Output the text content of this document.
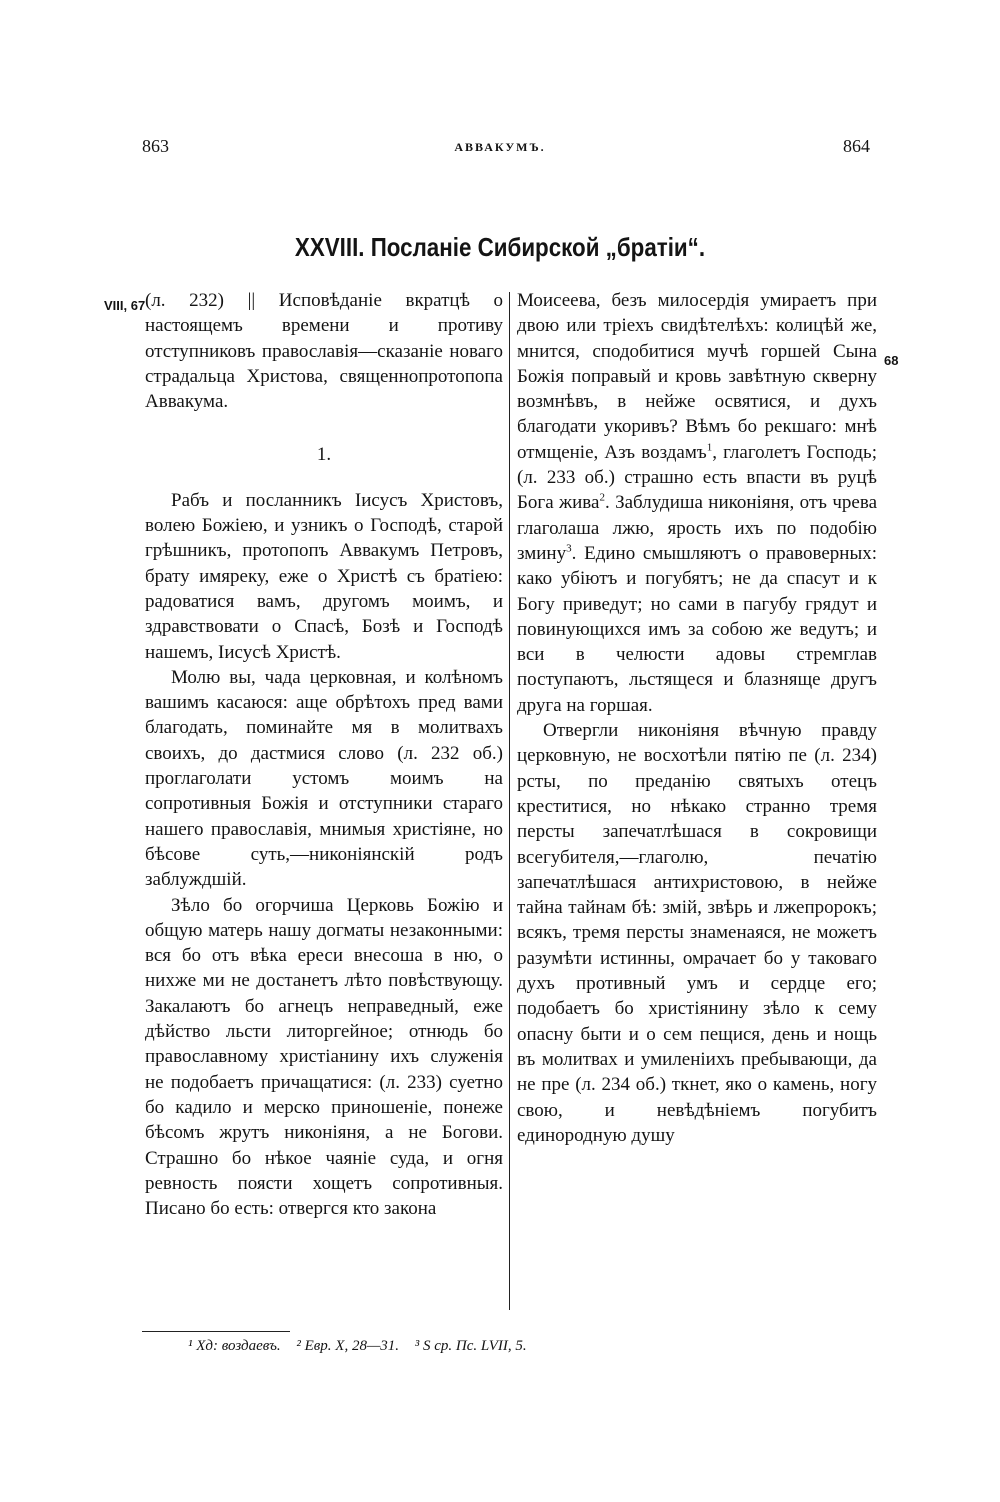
863	АВВАКУМЪ.	864
XXVIII. Посланіе Сибирской „братіи“.
VIII, 67
68

(л. 232) || Исповѣданіе вкратцѣ о настоящемъ времени и противу отступниковъ православія—сказаніе новаго страдальца Христова, священнопротопопа Аввакума.

1.

Рабъ и посланникъ Іисусъ Христовъ, волею Божіею, и узникъ о Господѣ, старой грѣшникъ, протопопъ Аввакумъ Петровъ, брату имяреку, еже о Христѣ съ братіею: радоватися вамъ, другомъ моимъ, и здравствовати о Спасѣ, Бозѣ и Господѣ нашемъ, Іисусѣ Христѣ.

Молю вы, чада церковная, и колѣномъ вашимъ касаюся: аще обрѣтохъ пред вами благодать, поминайте мя в молитвахъ своихъ, до дастмися слово (л. 232 об.) проглаголати устомъ моимъ на сопротивныя Божія и отступники стараго нашего православія, мнимыя христіяне, но бѣсове суть,—никоніянскій родъ заблуждшій.

Зѣло бо огорчиша Церковь Божію и общую матерь нашу догматы незаконными: вся бо отъ вѣка ереси внесоша в ню, о нихже ми не достанетъ лѣто повѣствующу. Закалаютъ бо агнецъ неправедный, еже дѣйство льсти литоргейное; отнюдь бо православному христіанину ихъ служенія не подобаетъ причащатися: (л. 233) суетно бо кадило и мерско приношеніе, понеже бѣсомъ жрутъ никоніяня, а не Богови. Страшно бо нѣкое чаяніе суда, и огня ревность поясти хощетъ сопротивныя. Писано бо есть: отвергся кто закона

Моисеева, безъ милосердія умираетъ при двою или тріехъ свидѣтелѣхъ: колицѣй же, мнится, сподобитися мучѣ горшей Сына Божія поправый и кровь завѣтную скверну возмнѣвъ, в нейже освятися, и духъ благодати укоривъ? Вѣмъ бо рекшаго: мнѣ отмщеніе, Азъ воздамъ$^1$, глаголетъ Господь; (л. 233 об.) страшно есть впасти въ руцѣ Бога жива$^2$. Заблудиша никоніяня, отъ чрева глаголаша лжю, ярость ихъ по подобію змину$^3$. Едино смышляютъ о правоверных: како убіютъ и погубятъ; не да спасут и к Богу приведут; но сами в пагубу грядут и повинующихся имъ за собою же ведутъ; и вси в челюсти адовы стремглав поступаютъ, льстящеся и блазняще другъ друга на горшая.

Отвергли никоніяня вѣчную правду церковную, не восхотѣли пятію пе (л. 234) рсты, по преданію святыхъ отецъ креститися, но нѣкако странно тремя персты запечатлѣшася в сокровищи всегубителя,—глаголю, печатію запечатлѣшася антихристовою, в нейже тайна тайнам бѣ: змій, звѣрь и лжепророкъ; всякъ, тремя персты знаменаяся, не можетъ разумѣти истинны, омрачает бо у таковаго духъ противный умъ и сердце его; подобаетъ бо христіянину зѣло к сему опасну быти и о сем пещися, день и нощь въ молитвах и умиленіихъ пребывающи, да не пре (л. 234 об.) ткнет, яко о камень, ногу свою, и невѣдѣніемъ погубитъ единородную душу

¹ Хд: воздаевъ. ² Евр. X, 28—31. ³ Ѕ ср. Пс. LVII, 5.
